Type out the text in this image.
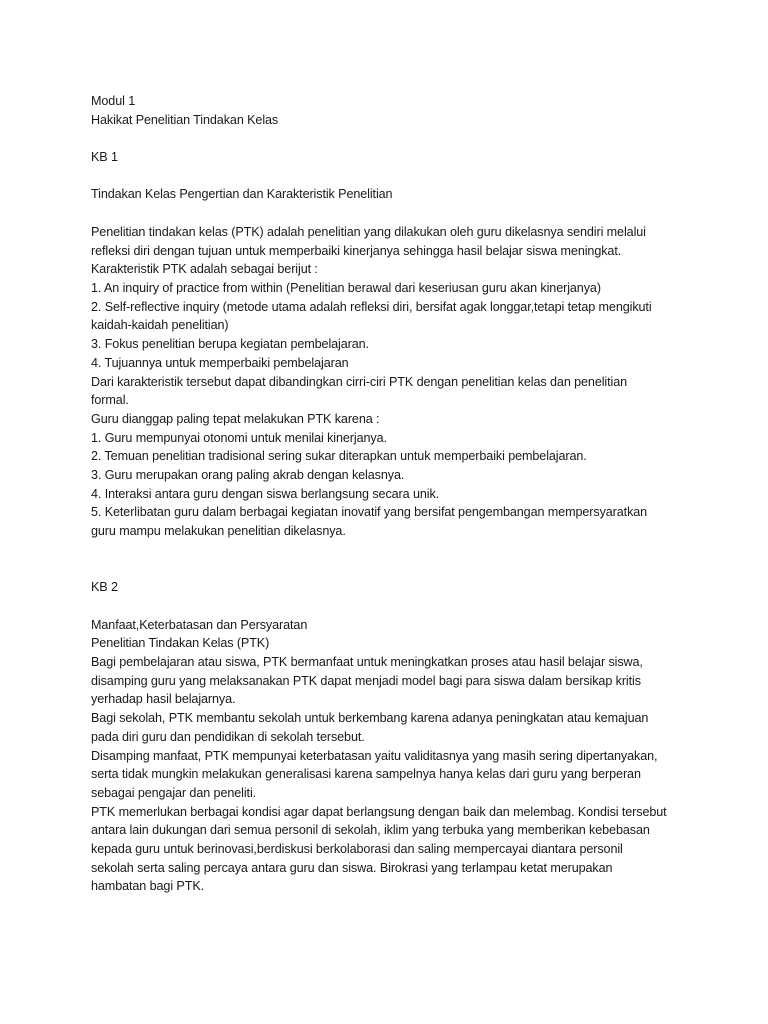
Modul 1
Hakikat Penelitian Tindakan Kelas
KB 1
Tindakan Kelas Pengertian dan Karakteristik Penelitian
Penelitian tindakan kelas (PTK) adalah penelitian yang dilakukan oleh guru dikelasnya sendiri melalui
refleksi diri dengan tujuan untuk memperbaiki kinerjanya sehingga hasil belajar siswa meningkat.
Karakteristik PTK adalah sebagai berijut :
1. An inquiry of practice from within (Penelitian berawal dari keseriusan guru akan kinerjanya)
2. Self-reflective inquiry (metode utama adalah refleksi diri, bersifat agak longgar,tetapi tetap mengikuti
kaidah-kaidah penelitian)
3. Fokus penelitian berupa kegiatan pembelajaran.
4. Tujuannya untuk memperbaiki pembelajaran
Dari karakteristik tersebut dapat dibandingkan cirri-ciri PTK dengan penelitian kelas dan penelitian
formal.
Guru dianggap paling tepat melakukan PTK karena :
1. Guru mempunyai otonomi untuk menilai kinerjanya.
2. Temuan penelitian tradisional sering sukar diterapkan untuk memperbaiki pembelajaran.
3. Guru merupakan orang paling akrab dengan kelasnya.
4. Interaksi antara guru dengan siswa berlangsung secara unik.
5. Keterlibatan guru dalam berbagai kegiatan inovatif yang bersifat pengembangan mempersyaratkan
guru mampu melakukan penelitian dikelasnya.
KB 2
Manfaat,Keterbatasan dan Persyaratan
Penelitian Tindakan Kelas (PTK)
Bagi pembelajaran atau siswa, PTK bermanfaat untuk meningkatkan proses atau hasil belajar siswa,
disamping guru yang melaksanakan PTK dapat menjadi model bagi para siswa dalam bersikap kritis
yerhadap hasil belajarnya.
Bagi sekolah, PTK membantu sekolah untuk berkembang karena adanya peningkatan atau kemajuan
pada diri guru dan pendidikan di sekolah tersebut.
Disamping manfaat, PTK mempunyai keterbatasan yaitu validitasnya yang masih sering dipertanyakan,
serta tidak mungkin melakukan generalisasi karena sampelnya hanya kelas dari guru yang berperan
sebagai pengajar dan peneliti.
PTK memerlukan berbagai kondisi agar dapat berlangsung dengan baik dan melembag. Kondisi tersebut
antara lain dukungan dari semua personil di sekolah, iklim yang terbuka yang memberikan kebebasan
kepada guru untuk berinovasi,berdiskusi berkolaborasi dan saling mempercayai diantara personil
sekolah serta saling percaya antara guru dan siswa. Birokrasi yang terlampau ketat merupakan
hambatan bagi PTK.
